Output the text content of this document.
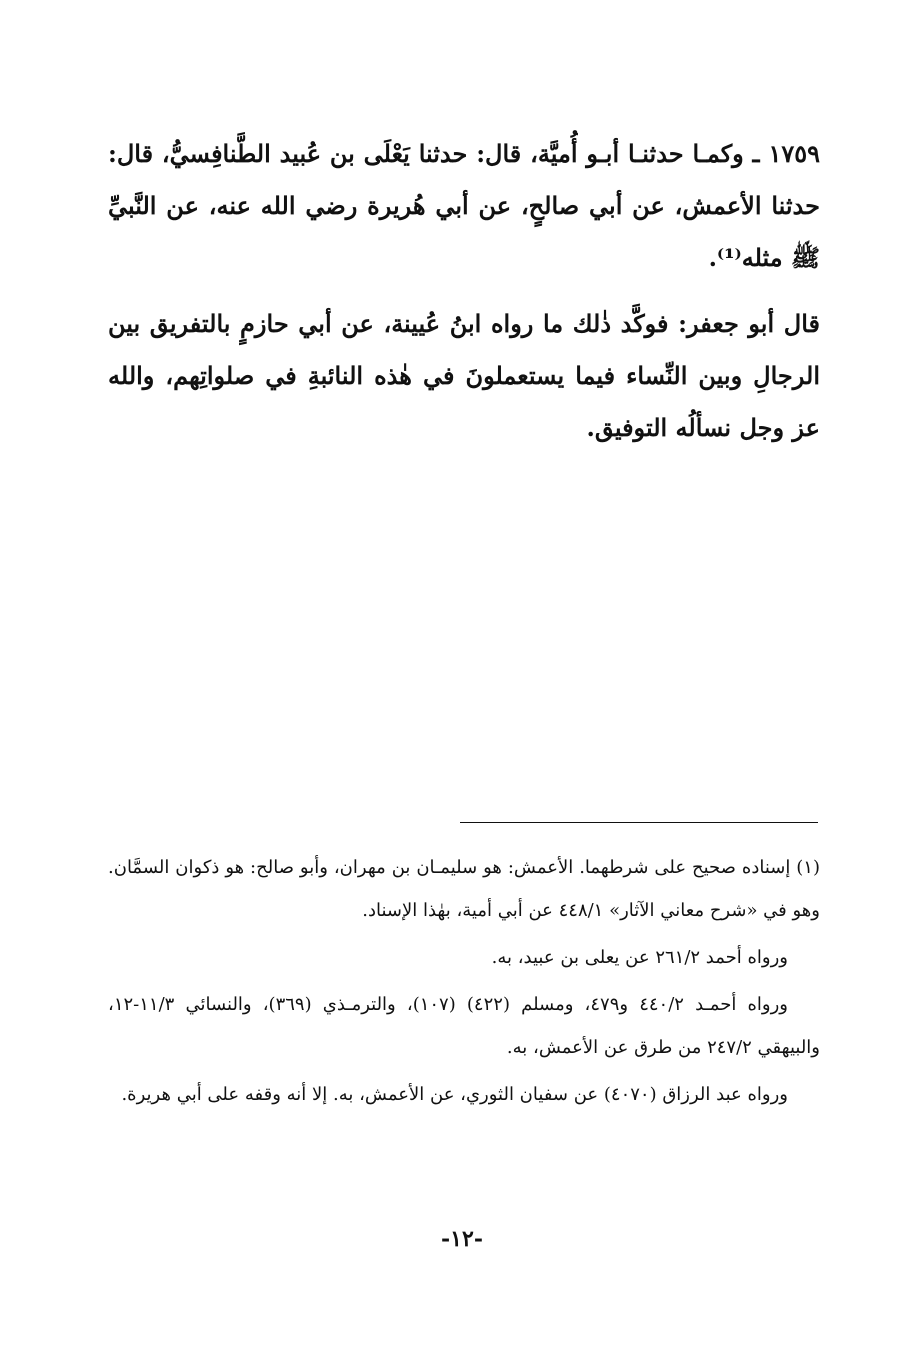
١٧٥٩ ـ وكمـا حدثنـا أبـو أُميَّة، قال: حدثنا يَعْلَى بن عُبيد الطَّنافِسيُّ، قال: حدثنا الأعمش، عن أبي صالحٍ، عن أبي هُريرة رضي الله عنه، عن النَّبيِّ ﷺ مثله⁽¹⁾.

قال أبو جعفر: فوكَّد ذٰلك ما رواه ابنُ عُيينة، عن أبي حازمٍ بالتفريق بين الرجالِ وبين النِّساء فيما يستعملونَ في هٰذه النائبةِ في صلواتِهم، والله عز وجل نسألُه التوفيق.

(١) إسناده صحيح على شرطهما. الأعمش: هو سليمـان بن مهران، وأبو صالح: هو ذكوان السمَّان. وهو في «شرح معاني الآثار» ٤٤٨/١ عن أبي أمية، بهٰذا الإسناد.

ورواه أحمد ٢٦١/٢ عن يعلى بن عبيد، به.

ورواه أحمـد ٤٤٠/٢ و٤٧٩، ومسلم (٤٢٢) (١٠٧)، والترمـذي (٣٦٩)، والنسائي ١١/٣-١٢، والبيهقي ٢٤٧/٢ من طرق عن الأعمش، به.

ورواه عبد الرزاق (٤٠٧٠) عن سفيان الثوري، عن الأعمش، به. إلا أنه وقفه على أبي هريرة.

-١٢-
